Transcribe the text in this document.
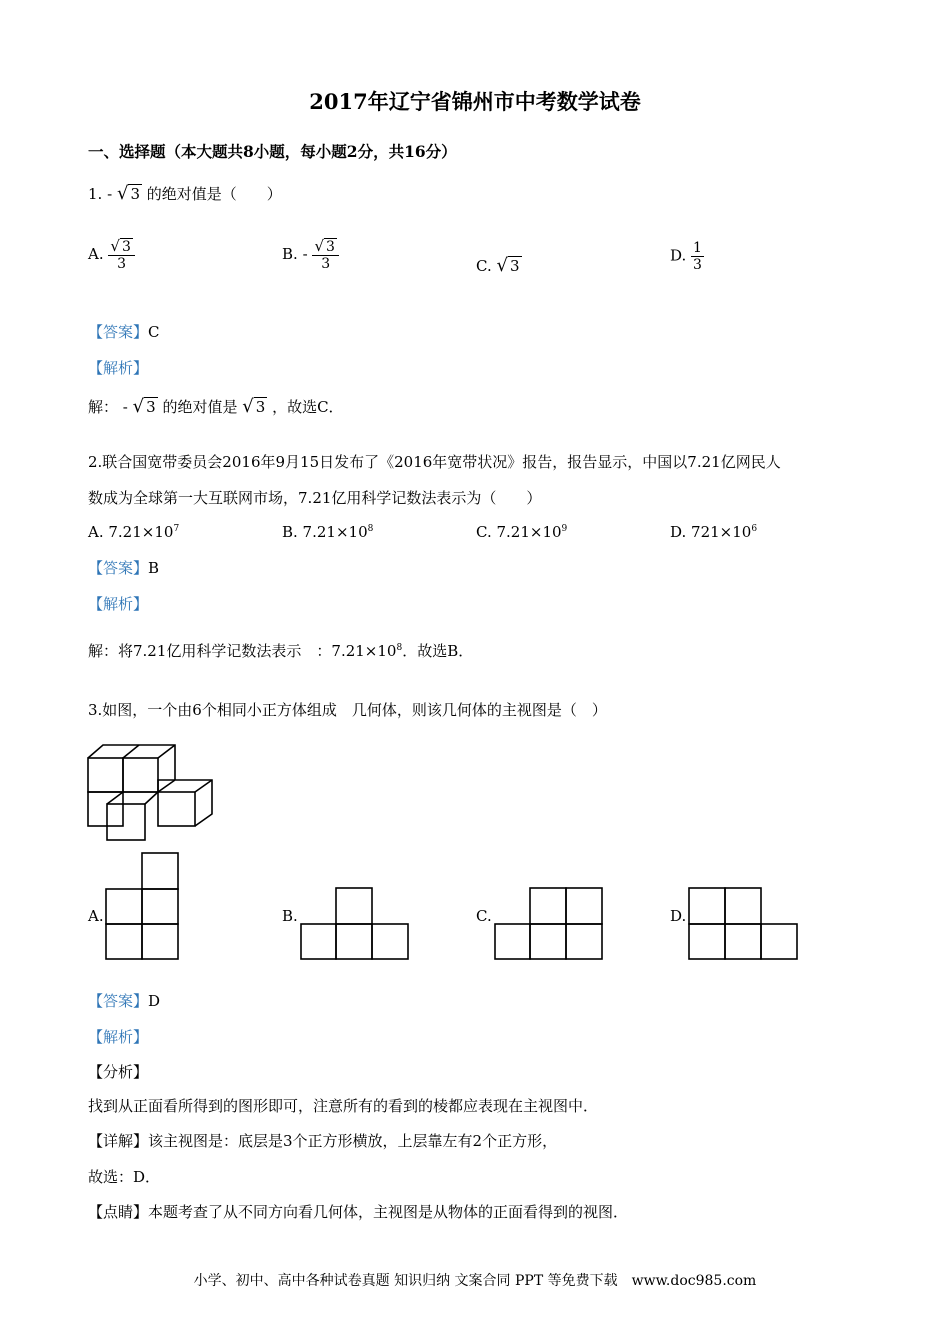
2017年辽宁省锦州市中考数学试卷
一、选择题（本大题共8小题，每小题2分，共16分）
1. - √ 3 的绝对值是（　　）
A. $\frac{√ 3}{3}$	B. - $\frac{√ 3}{3}$	C. √ 3
D. $\frac{1}{3}$
【答案】C
【解析】
解： - √ 3 的绝对值是 √ 3 ，故选C．
2.联合国宽带委员会2016年9月15日发布了《2016年宽带状况》报告，报告显示，中国以7.21亿网民人
数成为全球第一大互联网市场，7.21亿用科学记数法表示为（　　）
A. $7.21\times 10^7$	B. $7.21\times 10^8$	C. $7.21\times 10^9$	D. $721\times 10^6$
【答案】B
【解析】
解：将7.21亿用科学记数法表示　：$7.21\times 10^8$．故选B．
3.如图，一个由6个相同小正方体组成　几何体，则该几何体的主视图是（　）
A.	B.	C.	D.
【答案】D
【解析】
【分析】
找到从正面看所得到的图形即可，注意所有的看到的棱都应表现在主视图中．
【详解】该主视图是：底层是3个正方形横放，上层靠左有2个正方形，
故选：D．
【点睛】本题考查了从不同方向看几何体，主视图是从物体的正面看得到的视图．
小学、初中、高中各种试卷真题 知识归纳 文案合同 PPT 等免费下载　www.doc985.com
